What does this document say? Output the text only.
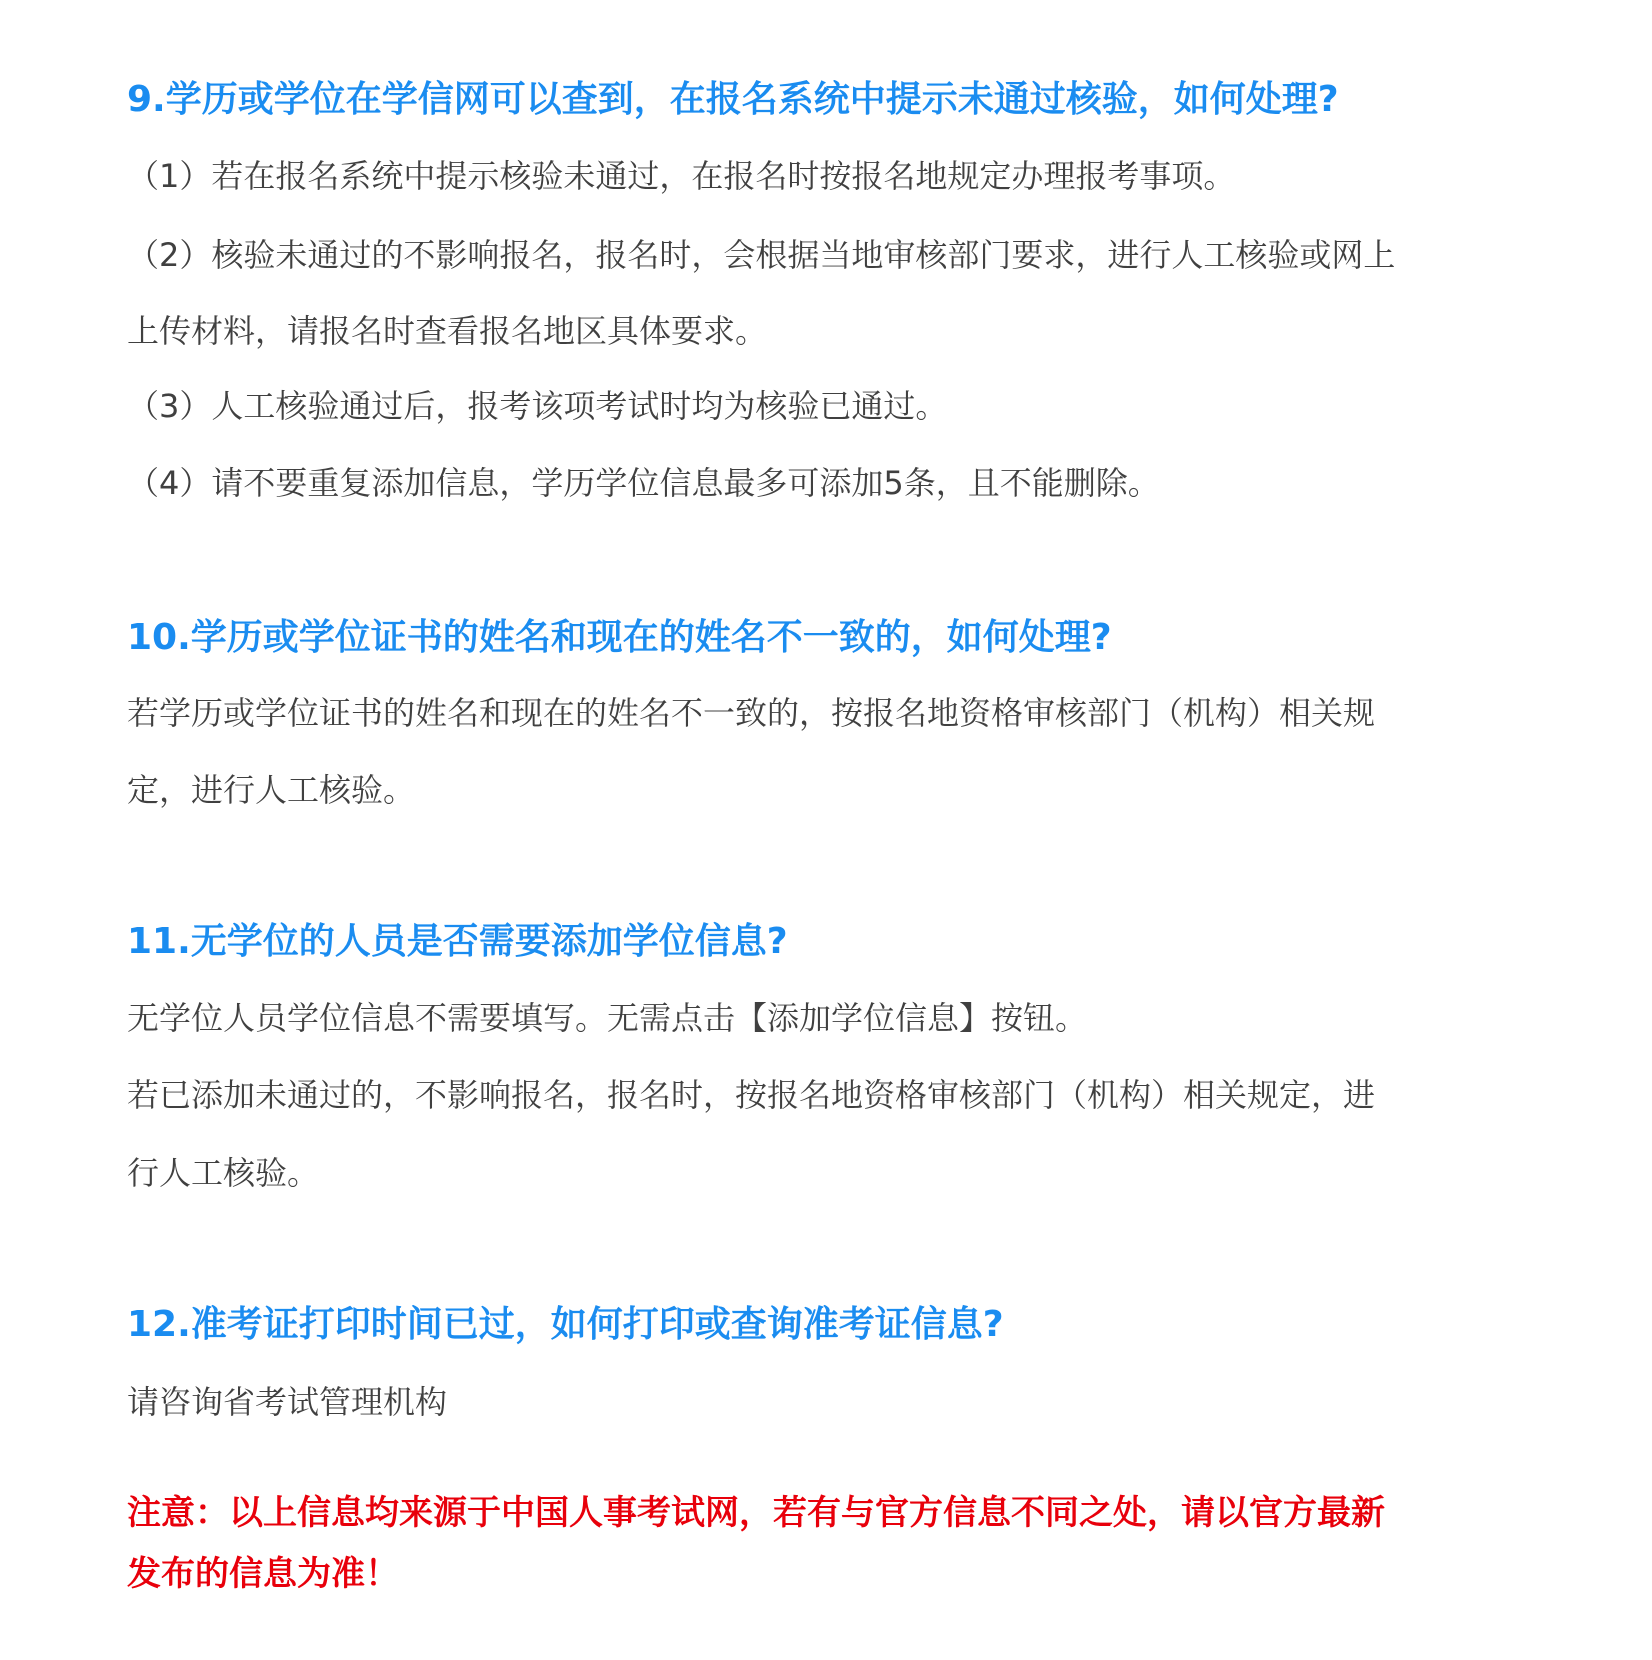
9.学历或学位在学信网可以查到，在报名系统中提示未通过核验，如何处理?

（1）若在报名系统中提示核验未通过，在报名时按报名地规定办理报考事项。

（2）核验未通过的不影响报名，报名时，会根据当地审核部门要求，进行人工核验或网上

上传材料，请报名时查看报名地区具体要求。

（3）人工核验通过后，报考该项考试时均为核验已通过。

（4）请不要重复添加信息，学历学位信息最多可添加5条，且不能删除。

10.学历或学位证书的姓名和现在的姓名不一致的，如何处理?

若学历或学位证书的姓名和现在的姓名不一致的，按报名地资格审核部门（机构）相关规

定，进行人工核验。

11.无学位的人员是否需要添加学位信息?

无学位人员学位信息不需要填写。无需点击【添加学位信息】按钮。

若已添加未通过的，不影响报名，报名时，按报名地资格审核部门（机构）相关规定，进

行人工核验。

12.准考证打印时间已过，如何打印或查询准考证信息?

请咨询省考试管理机构

注意：以上信息均来源于中国人事考试网，若有与官方信息不同之处，请以官方最新

发布的信息为准！
